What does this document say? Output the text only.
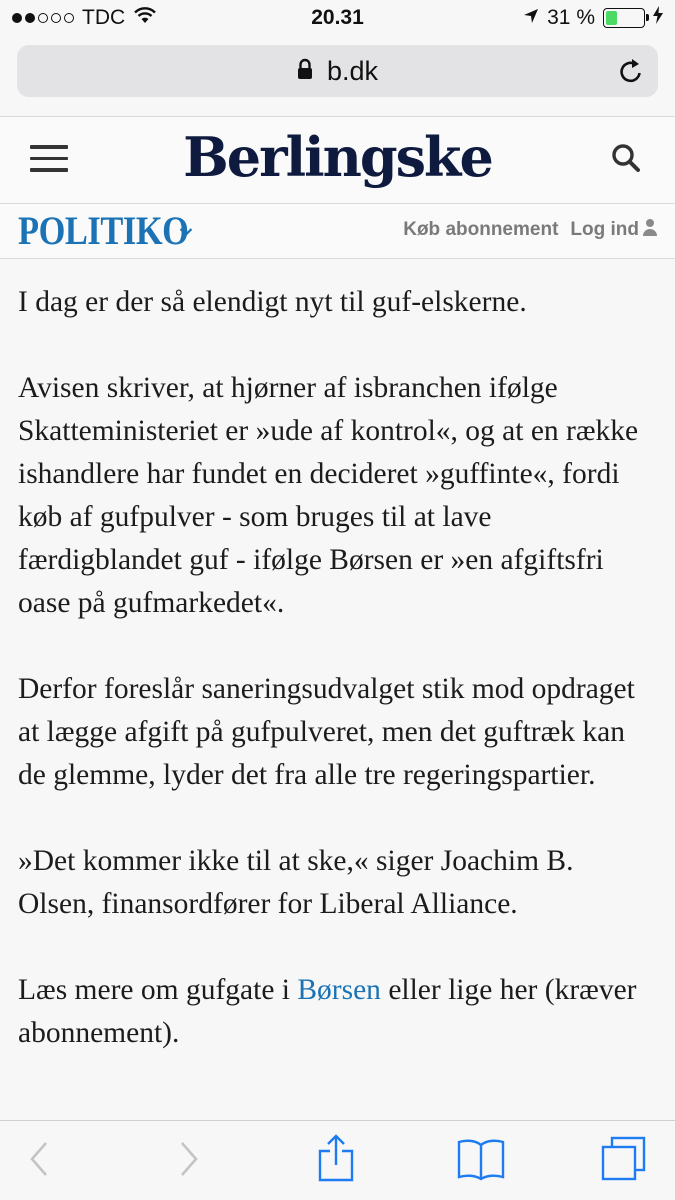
TDC	20.31	31 %
b.dk
Berlingske
POLITIKO	Køb abonnement Log ind

I dag er der så elendigt nyt til guf-elskerne.

Avisen skriver, at hjørner af isbranchen ifølge Skatteministeriet er »ude af kontrol«, og at en række ishandlere har fundet en decideret »guffinte«, fordi køb af gufpulver - som bruges til at lave færdigblandet guf - ifølge Børsen er »en afgiftsfri oase på gufmarkedet«.

Derfor foreslår saneringsudvalget stik mod opdraget at lægge afgift på gufpulveret, men det guftræk kan de glemme, lyder det fra alle tre regeringspartier.

»Det kommer ikke til at ske,« siger Joachim B. Olsen, finansordfører for Liberal Alliance.

Læs mere om gufgate i Børsen eller lige her (kræver abonnement).
